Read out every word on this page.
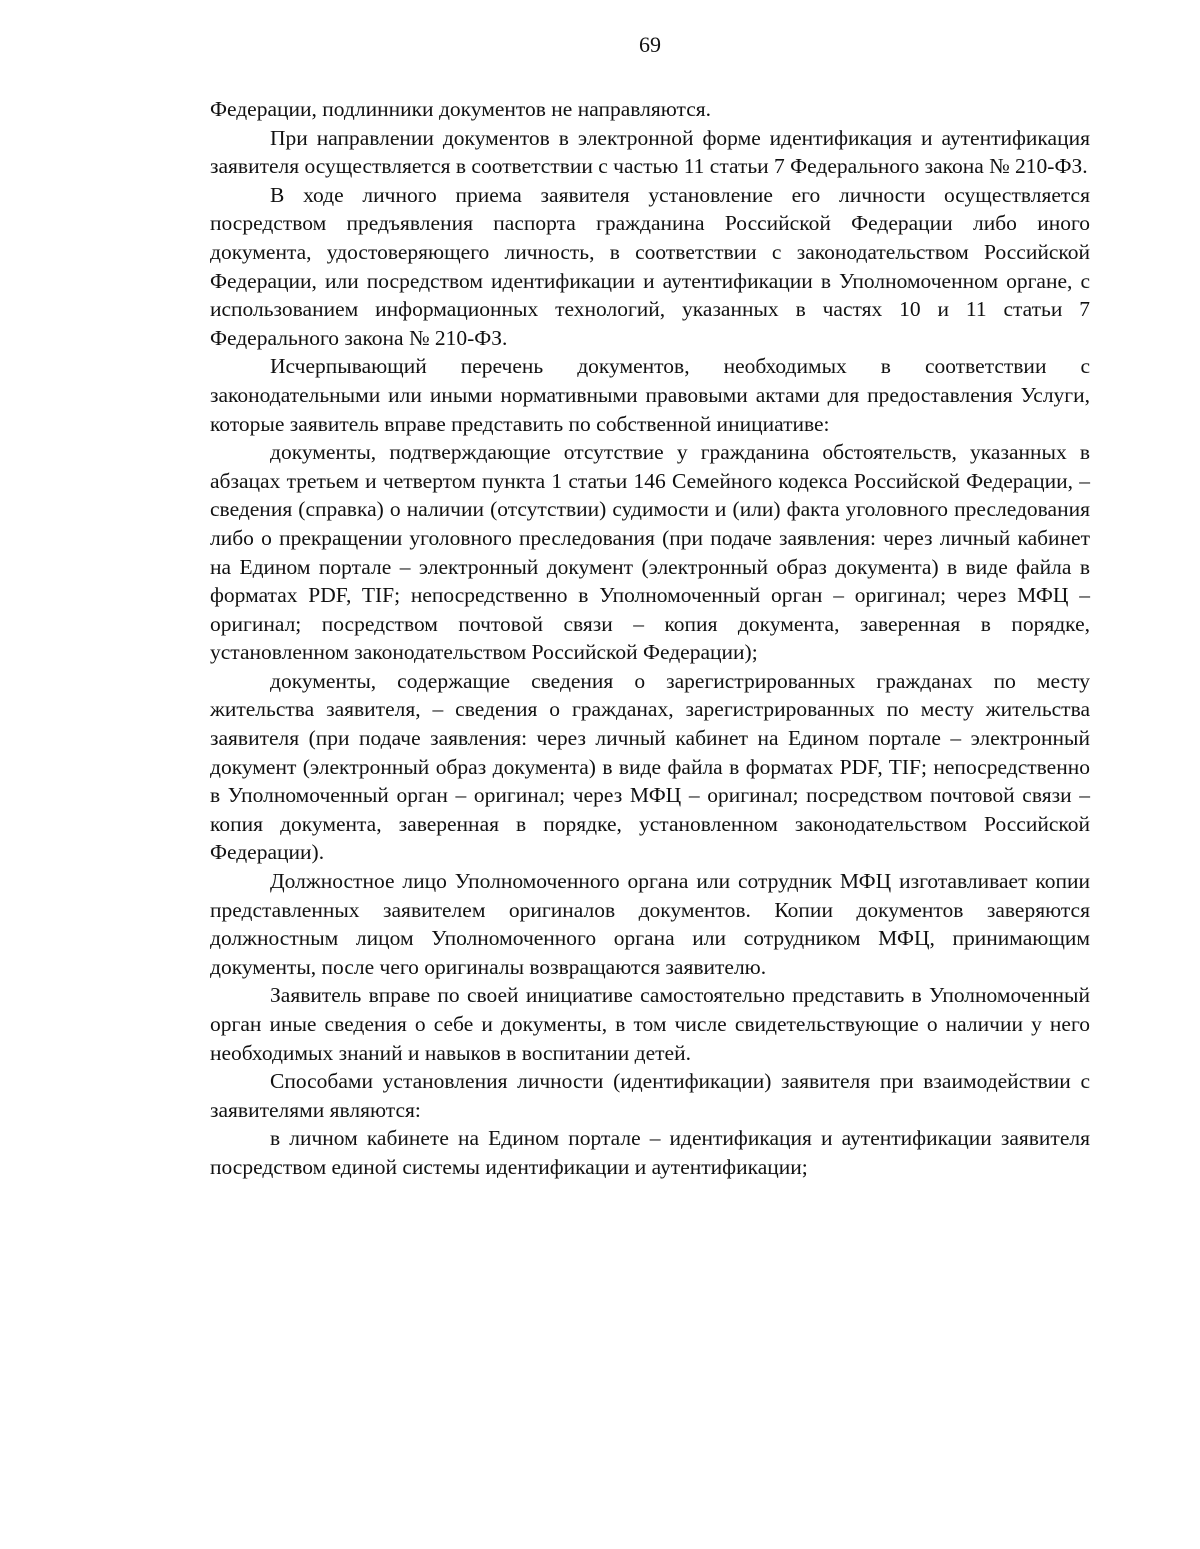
69

Федерации, подлинники документов не направляются.

При направлении документов в электронной форме идентификация и аутентификация заявителя осуществляется в соответствии с частью 11 статьи 7 Федерального закона № 210-ФЗ.

В ходе личного приема заявителя установление его личности осуществляется посредством предъявления паспорта гражданина Российской Федерации либо иного документа, удостоверяющего личность, в соответствии с законодательством Российской Федерации, или посредством идентификации и аутентификации в Уполномоченном органе, с использованием информационных технологий, указанных в частях 10 и 11 статьи 7 Федерального закона № 210-ФЗ.

Исчерпывающий перечень документов, необходимых в соответствии с законодательными или иными нормативными правовыми актами для предоставления Услуги, которые заявитель вправе представить по собственной инициативе:

документы, подтверждающие отсутствие у гражданина обстоятельств, указанных в абзацах третьем и четвертом пункта 1 статьи 146 Семейного кодекса Российской Федерации, – сведения (справка) о наличии (отсутствии) судимости и (или) факта уголовного преследования либо о прекращении уголовного преследования (при подаче заявления: через личный кабинет на Едином портале – электронный документ (электронный образ документа) в виде файла в форматах PDF, TIF; непосредственно в Уполномоченный орган – оригинал; через МФЦ – оригинал; посредством почтовой связи – копия документа, заверенная в порядке, установленном законодательством Российской Федерации);

документы, содержащие сведения о зарегистрированных гражданах по месту жительства заявителя, – сведения о гражданах, зарегистрированных по месту жительства заявителя (при подаче заявления: через личный кабинет на Едином портале – электронный документ (электронный образ документа) в виде файла в форматах PDF, TIF; непосредственно в Уполномоченный орган – оригинал; через МФЦ – оригинал; посредством почтовой связи – копия документа, заверенная в порядке, установленном законодательством Российской Федерации).

Должностное лицо Уполномоченного органа или сотрудник МФЦ изготавливает копии представленных заявителем оригиналов документов. Копии документов заверяются должностным лицом Уполномоченного органа или сотрудником МФЦ, принимающим документы, после чего оригиналы возвращаются заявителю.

Заявитель вправе по своей инициативе самостоятельно представить в Уполномоченный орган иные сведения о себе и документы, в том числе свидетельствующие о наличии у него необходимых знаний и навыков в воспитании детей.

Способами установления личности (идентификации) заявителя при взаимодействии с заявителями являются:

в личном кабинете на Едином портале – идентификация и аутентификации заявителя посредством единой системы идентификации и аутентификации;
